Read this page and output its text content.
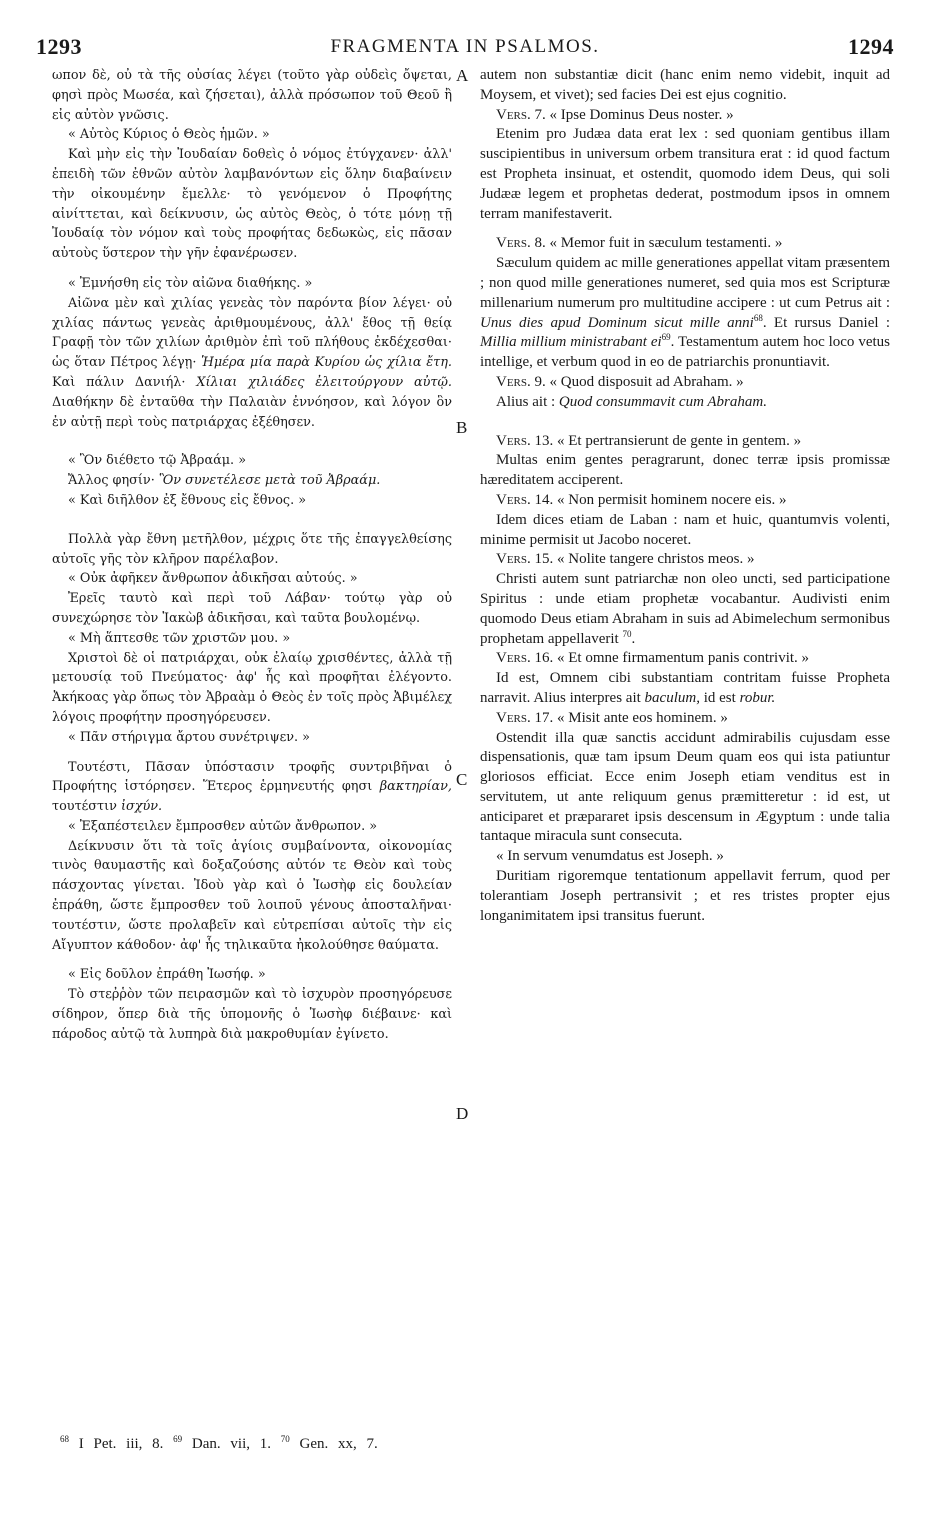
1293	FRAGMENTA IN PSALMOS.	1294
A
B
C
D

ωπον δὲ, οὐ τὰ τῆς οὐσίας λέγει (τοῦτο γὰρ οὐδεὶς ὄψεται, φησὶ πρὸς Μωσέα, καὶ ζήσεται), ἀλλὰ πρόσωπον τοῦ Θεοῦ ἢ εἰς αὐτὸν γνῶσις.

« Αὐτὸς Κύριος ὁ Θεὸς ἡμῶν. »

Καὶ μὴν εἰς τὴν Ἰουδαίαν δοθεὶς ὁ νόμος ἐτύγχανεν· ἀλλ' ἐπειδὴ τῶν ἐθνῶν αὐτὸν λαμβανόντων εἰς ὅλην διαβαίνειν τὴν οἰκουμένην ἔμελλε· τὸ γενόμενον ὁ Προφήτης αἰνίττεται, καὶ δείκνυσιν, ὡς αὐτὸς Θεὸς, ὁ τότε μόνῃ τῇ Ἰουδαίᾳ τὸν νόμον καὶ τοὺς προφήτας δεδωκὼς, εἰς πᾶσαν αὐτοὺς ὕστερον τὴν γῆν ἐφανέρωσεν.

« Ἐμνήσθη εἰς τὸν αἰῶνα διαθήκης. »

Αἰῶνα μὲν καὶ χιλίας γενεὰς τὸν παρόντα βίον λέγει· οὐ χιλίας πάντως γενεὰς ἀριθμουμένους, ἀλλ' ἔθος τῇ θείᾳ Γραφῇ τὸν τῶν χιλίων ἀριθμὸν ἐπὶ τοῦ πλήθους ἐκδέχεσθαι· ὡς ὅταν Πέτρος λέγῃ· Ἡμέρα μία παρὰ Κυρίου ὡς χίλια ἔτη. Καὶ πάλιν Δανιήλ· Χίλιαι χιλιάδες ἐλειτούργουν αὐτῷ. Διαθήκην δὲ ἐνταῦθα τὴν Παλαιὰν ἐννόησον, καὶ λόγον ὃν ἐν αὐτῇ περὶ τοὺς πατριάρχας ἐξέθησεν.

« Ὃν διέθετο τῷ Ἀβραάμ. »

Ἄλλος φησίν· Ὃν συνετέλεσε μετὰ τοῦ Ἀβραάμ.

« Καὶ διῆλθον ἐξ ἔθνους εἰς ἔθνος. »

Πολλὰ γὰρ ἔθνη μετῆλθον, μέχρις ὅτε τῆς ἐπαγγελθείσης αὐτοῖς γῆς τὸν κλῆρον παρέλαβον.

« Οὐκ ἀφῆκεν ἄνθρωπον ἀδικῆσαι αὐτούς. »

Ἐρεῖς ταυτὸ καὶ περὶ τοῦ Λάβαν· τούτῳ γὰρ οὐ συνεχώρησε τὸν Ἰακὼβ ἀδικῆσαι, καὶ ταῦτα βουλομένῳ.

« Μὴ ἅπτεσθε τῶν χριστῶν μου. »

Χριστοὶ δὲ οἱ πατριάρχαι, οὐκ ἐλαίῳ χρισθέντες, ἀλλὰ τῇ μετουσίᾳ τοῦ Πνεύματος· ἀφ' ἧς καὶ προφῆται ἐλέγοντο. Ἀκήκοας γὰρ ὅπως τὸν Ἀβραὰμ ὁ Θεὸς ἐν τοῖς πρὸς Ἀβιμέλεχ λόγοις προφήτην προσηγόρευσεν.

« Πᾶν στήριγμα ἄρτου συνέτριψεν. »

Τουτέστι, Πᾶσαν ὑπόστασιν τροφῆς συντριβῆναι ὁ Προφήτης ἱστόρησεν. Ἕτερος ἑρμηνευτής φησι βακτηρίαν, τουτέστιν ἰσχύν.

« Ἐξαπέστειλεν ἔμπροσθεν αὐτῶν ἄνθρωπον. »

Δείκνυσιν ὅτι τὰ τοῖς ἁγίοις συμβαίνοντα, οἰκονομίας τινὸς θαυμαστῆς καὶ δοξαζούσης αὐτόν τε Θεὸν καὶ τοὺς πάσχοντας γίνεται. Ἰδοὺ γὰρ καὶ ὁ Ἰωσὴφ εἰς δουλείαν ἐπράθη, ὥστε ἔμπροσθεν τοῦ λοιποῦ γένους ἀποσταλῆναι· τουτέστιν, ὥστε προλαβεῖν καὶ εὐτρεπίσαι αὐτοῖς τὴν εἰς Αἴγυπτον κάθοδον· ἀφ' ἧς τηλικαῦτα ἠκολούθησε θαύματα.

« Εἰς δοῦλον ἐπράθη Ἰωσήφ. »

Τὸ στεῤῥὸν τῶν πειρασμῶν καὶ τὸ ἰσχυρὸν προσηγόρευσε σίδηρον, ὅπερ διὰ τῆς ὑπομονῆς ὁ Ἰωσὴφ διέβαινε· καὶ πάροδος αὐτῷ τὰ λυπηρὰ διὰ μακροθυμίαν ἐγίνετο.

autem non substantiæ dicit (hanc enim nemo videbit, inquit ad Moysem, et vivet); sed facies Dei est ejus cognitio.

Vers. 7. « Ipse Dominus Deus noster. »

Etenim pro Judæa data erat lex : sed quoniam gentibus illam suscipientibus in universum orbem transitura erat : id quod factum est Propheta insinuat, et ostendit, quomodo idem Deus, qui soli Judææ legem et prophetas dederat, postmodum ipsos in omnem terram manifestaverit.

Vers. 8. « Memor fuit in sæculum testamenti. »

Sæculum quidem ac mille generationes appellat vitam præsentem ; non quod mille generationes numeret, sed quia mos est Scripturæ millenarium numerum pro multitudine accipere : ut cum Petrus ait : Unus dies apud Dominum sicut mille anni$^{68}$. Et rursus Daniel : Millia millium ministrabant $ei^{69}$. Testamentum autem hoc loco vetus intellige, et verbum quod in eo de patriarchis pronuntiavit.

Vers. 9. « Quod disposuit ad Abraham. »

Alius ait : Quod consummavit cum Abraham.

Vers. 13. « Et pertransierunt de gente in gentem. »

Multas enim gentes peragrarunt, donec terræ ipsis promissæ hæreditatem acciperent.

Vers. 14. « Non permisit hominem nocere eis. »

Idem dices etiam de Laban : nam et huic, quantumvis volenti, minime permisit ut Jacobo noceret.

Vers. 15. « Nolite tangere christos meos. »

Christi autem sunt patriarchæ non oleo uncti, sed participatione Spiritus : unde etiam prophetæ vocabantur. Audivisti enim quomodo Deus etiam Abraham in suis ad Abimelechum sermonibus prophetam appellaverit $^{70}$.

Vers. 16. « Et omne firmamentum panis contrivit. »

Id est, Omnem cibi substantiam contritam fuisse Propheta narravit. Alius interpres ait baculum, id est robur.

Vers. 17. « Misit ante eos hominem. »

Ostendit illa quæ sanctis accidunt admirabilis cujusdam esse dispensationis, quæ tam ipsum Deum quam eos qui ista patiuntur gloriosos efficiat. Ecce enim Joseph etiam venditus est in servitutem, ut ante reliquum genus præmitteretur : id est, ut anticiparet et præpararet ipsis descensum in Ægyptum : unde talia tantaque miracula sunt consecuta.

« In servum venumdatus est Joseph. »

Duritiam rigoremque tentationum appellavit ferrum, quod per tolerantiam Joseph pertransivit ; et res tristes propter ejus longanimitatem ipsi transitus fuerunt.

$^{68}$ I Pet. iii, 8. $^{69}$ Dan. vii, 1. $^{70}$ Gen. xx, 7.
